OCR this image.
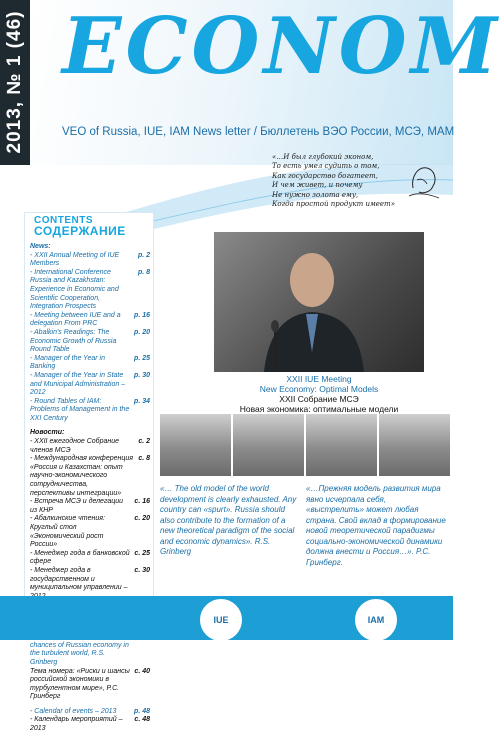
2013, № 1 (46) ECONOM
VEO of Russia, IUE, IAM News letter / Бюллетень ВЭО России, МСЭ, МАМ
«…И был глубокий эконом,
То есть умел судить о том,
Как государство богатеет,
И чем живет, и почему
Не нужно золота ему,
Когда простой продукт имеет»
CONTENTS
СОДЕРЖАНИЕ
News:
- XXII Annual Meeting of IUE Members
p. 2
- International Conference Russia and Kazakhstan: Experience in Economic and Scientific Cooperation, Integration Prospects
p. 8
- Meeting between IUE and a delegation From PRC
p. 16
- Abalkin's Readings: The Economic Growth of Russia Round Table
p. 20
- Manager of the Year in Banking
p. 25
- Manager of the Year in State and Municipal Administration – 2012
p. 30
- Round Tables of IAM: Problems of Management in the XXI Century
p. 34
Новости:
- XXII ежегодное Собрание членов МСЭ
с. 2
- Международная конференция «Россия и Казахстан: опыт научно-экономического сотрудничества, перспективы интеграции»
с. 8
- Встреча МСЭ и делегации из КНР
с. 16
- Абалкинские чтения: Круглый стол «Экономический рост России»
с. 20
- Менеджер года в банковской сфере
с. 25
- Менеджер года в государственном и муниципальном управлении –
с. 30
chances of Russian economy in the turbulent world, R.S. Grinberg
Тема номера: «Риски и шансы российской экономики в турбулентном мире», Р.С. Гринберг
с. 40
- Calendar of events – 2013	p. 48
- Календарь мероприятий – 2013
с. 48
XXII IUE Meeting
New Economy: Optimal Models
XXII Собрание МСЭ
Новая экономика: оптимальные модели
«… The old model of the world development is clearly exhausted. Any country can «spurt». Russia should also contribute to the formation of a new theoretical paradigm of the social and economic dynamics». R.S. Grinberg
«…Прежняя модель развития мира явно исчерпала себя, «выстрелить» может любая страна. Свой вклад в формирование новой теоретической парадигмы социально-экономической динамики должна внести и Россия…». Р.С. Гринберг.
IUE	IAM
